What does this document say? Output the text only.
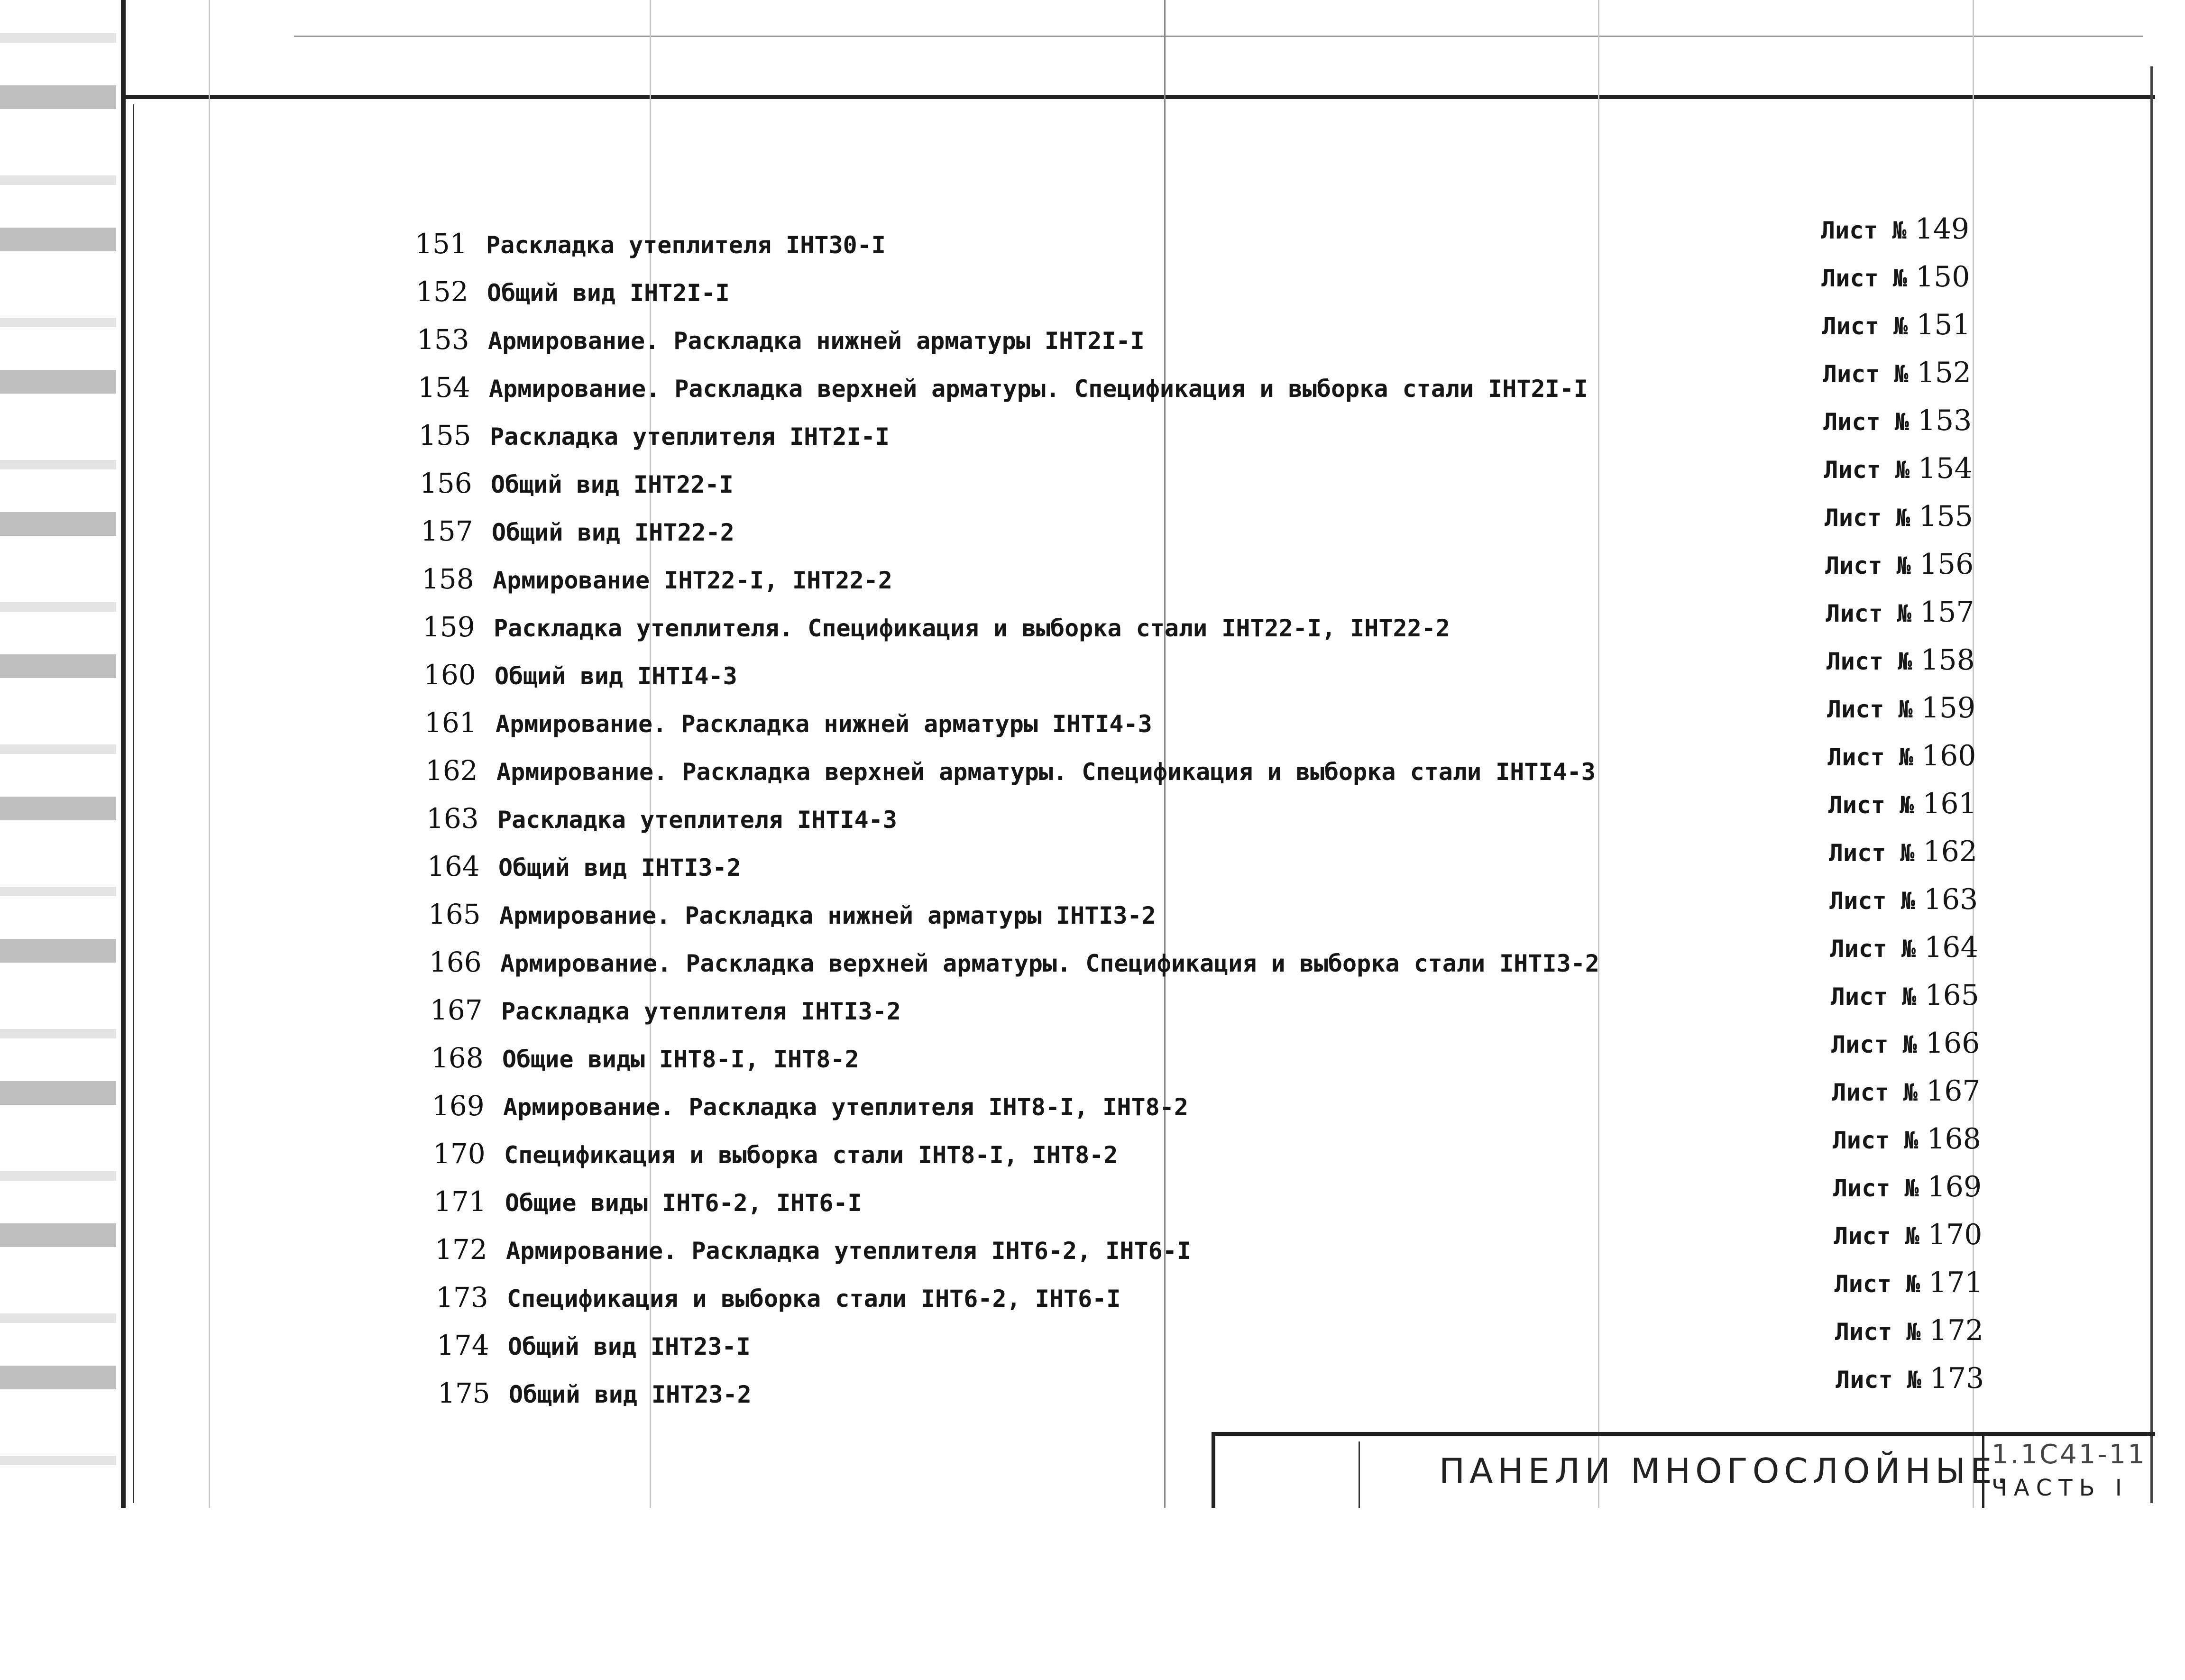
151 Раскладка утеплителя IHT30-I
152 Общий вид IHT2I-I
153 Армирование. Раскладка нижней арматуры IHT2I-I
154 Армирование. Раскладка верхней арматуры. Спецификация и выборка стали IHT2I-I
155 Раскладка утеплителя IHT2I-I
156 Общий вид IHT22-I
157 Общий вид IHT22-2
158 Армирование IHT22-I, IHT22-2
159 Раскладка утеплителя. Спецификация и выборка стали IHT22-I, IHT22-2
160 Общий вид IHTI4-3
161 Армирование. Раскладка нижней арматуры IHTI4-3
162 Армирование. Раскладка верхней арматуры. Спецификация и выборка стали IHTI4-3
163 Раскладка утеплителя IHTI4-3
164 Общий вид IHTI3-2
165 Армирование. Раскладка нижней арматуры IHTI3-2
166 Армирование. Раскладка верхней арматуры. Спецификация и выборка стали IHTI3-2
167 Раскладка утеплителя IHTI3-2
168 Общие виды IHT8-I, IHT8-2
169 Армирование. Раскладка утеплителя IHT8-I, IHT8-2
170 Спецификация и выборка стали IHT8-I, IHT8-2
171 Общие виды IHT6-2, IHT6-I
172 Армирование. Раскладка утеплителя IHT6-2, IHT6-I
173 Спецификация и выборка стали IHT6-2, IHT6-I
174 Общий вид IHT23-I
175 Общий вид IHT23-2
Лист № 149
Лист № 150
Лист № 151
Лист № 152
Лист № 153
Лист № 154
Лист № 155
Лист № 156
Лист № 157
Лист № 158
Лист № 159
Лист № 160
Лист № 161
Лист № 162
Лист № 163
Лист № 164
Лист № 165
Лист № 166
Лист № 167
Лист № 168
Лист № 169
Лист № 170
Лист № 171
Лист № 172
Лист № 173
ПАНЕЛИ МНОГОСЛОЙНЫЕ.
1.1С41-11
ЧАСТЬ I
